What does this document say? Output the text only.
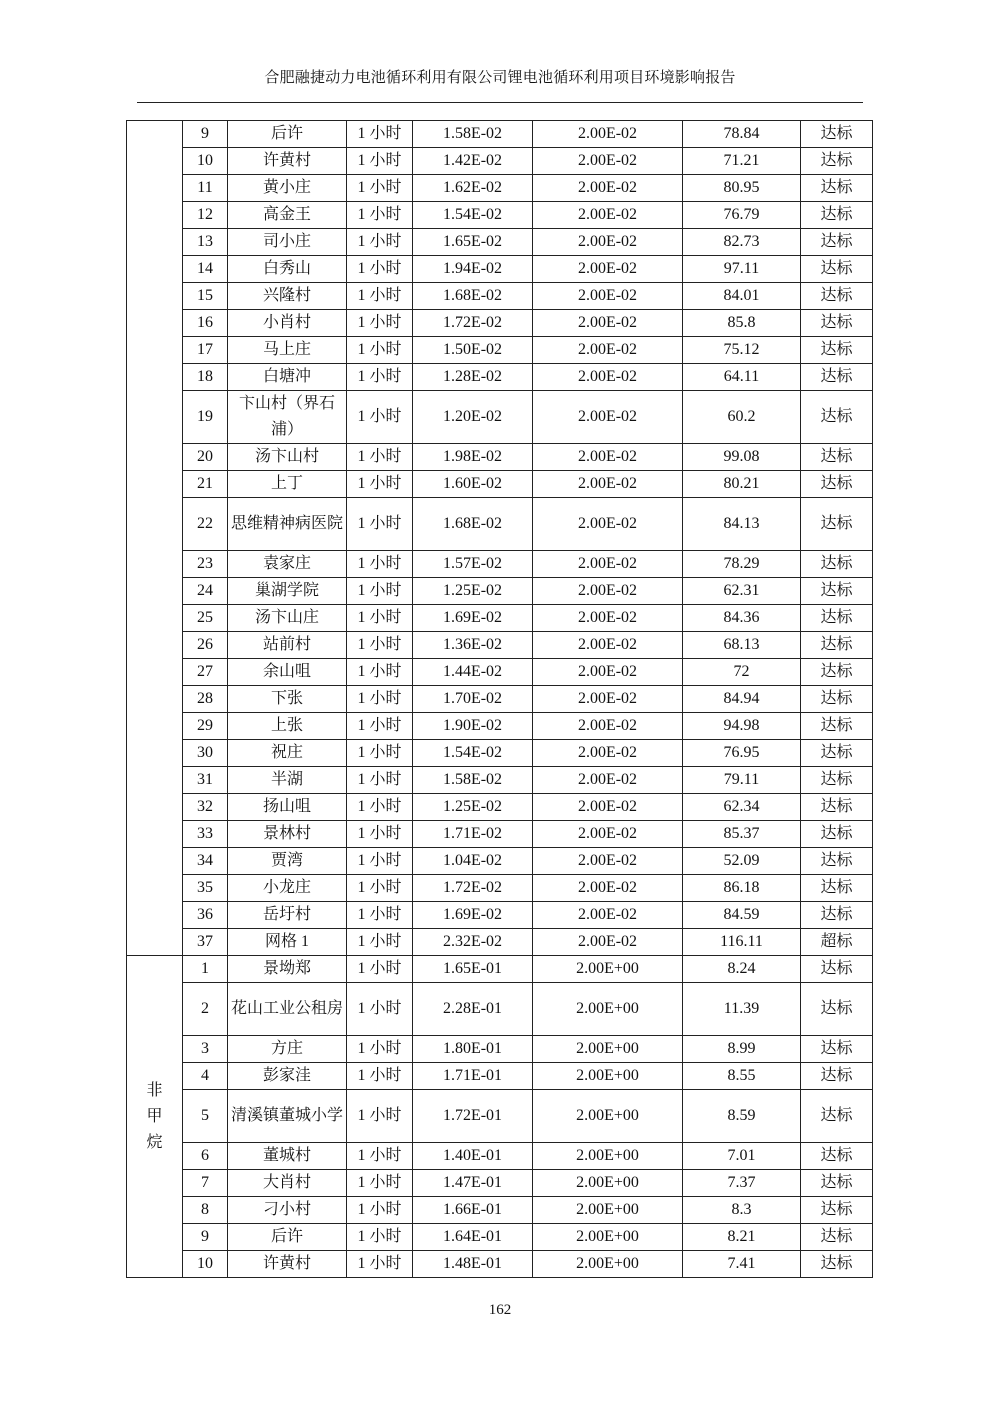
合肥融捷动力电池循环利用有限公司锂电池循环利用项目环境影响报告
	9	后许	1 小时	1.58E-02	2.00E-02	78.84	达标
	10	许黄村	1 小时	1.42E-02	2.00E-02	71.21	达标
	11	黄小庄	1 小时	1.62E-02	2.00E-02	80.95	达标
	12	高金王	1 小时	1.54E-02	2.00E-02	76.79	达标
	13	司小庄	1 小时	1.65E-02	2.00E-02	82.73	达标
	14	白秀山	1 小时	1.94E-02	2.00E-02	97.11	达标
	15	兴隆村	1 小时	1.68E-02	2.00E-02	84.01	达标
	16	小肖村	1 小时	1.72E-02	2.00E-02	85.8	达标
	17	马上庄	1 小时	1.50E-02	2.00E-02	75.12	达标
	18	白塘冲	1 小时	1.28E-02	2.00E-02	64.11	达标
	19	卞山村（界石浦）	1 小时	1.20E-02	2.00E-02	60.2	达标
	20	汤卞山村	1 小时	1.98E-02	2.00E-02	99.08	达标
	21	上丁	1 小时	1.60E-02	2.00E-02	80.21	达标
	22	思维精神病医院	1 小时	1.68E-02	2.00E-02	84.13	达标
	23	袁家庄	1 小时	1.57E-02	2.00E-02	78.29	达标
	24	巢湖学院	1 小时	1.25E-02	2.00E-02	62.31	达标
	25	汤卞山庄	1 小时	1.69E-02	2.00E-02	84.36	达标
	26	站前村	1 小时	1.36E-02	2.00E-02	68.13	达标
	27	余山咀	1 小时	1.44E-02	2.00E-02	72	达标
	28	下张	1 小时	1.70E-02	2.00E-02	84.94	达标
	29	上张	1 小时	1.90E-02	2.00E-02	94.98	达标
	30	祝庄	1 小时	1.54E-02	2.00E-02	76.95	达标
	31	半湖	1 小时	1.58E-02	2.00E-02	79.11	达标
	32	扬山咀	1 小时	1.25E-02	2.00E-02	62.34	达标
	33	景林村	1 小时	1.71E-02	2.00E-02	85.37	达标
	34	贾湾	1 小时	1.04E-02	2.00E-02	52.09	达标
	35	小龙庄	1 小时	1.72E-02	2.00E-02	86.18	达标
	36	岳圩村	1 小时	1.69E-02	2.00E-02	84.59	达标
	37	网格 1	1 小时	2.32E-02	2.00E-02	116.11	超标
非甲烷	1	景坳郑	1 小时	1.65E-01	2.00E+00	8.24	达标
	2	花山工业公租房	1 小时	2.28E-01	2.00E+00	11.39	达标
	3	方庄	1 小时	1.80E-01	2.00E+00	8.99	达标
	4	彭家洼	1 小时	1.71E-01	2.00E+00	8.55	达标
	5	清溪镇董城小学	1 小时	1.72E-01	2.00E+00	8.59	达标
	6	董城村	1 小时	1.40E-01	2.00E+00	7.01	达标
	7	大肖村	1 小时	1.47E-01	2.00E+00	7.37	达标
	8	刁小村	1 小时	1.66E-01	2.00E+00	8.3	达标
	9	后许	1 小时	1.64E-01	2.00E+00	8.21	达标
	10	许黄村	1 小时	1.48E-01	2.00E+00	7.41	达标
162
